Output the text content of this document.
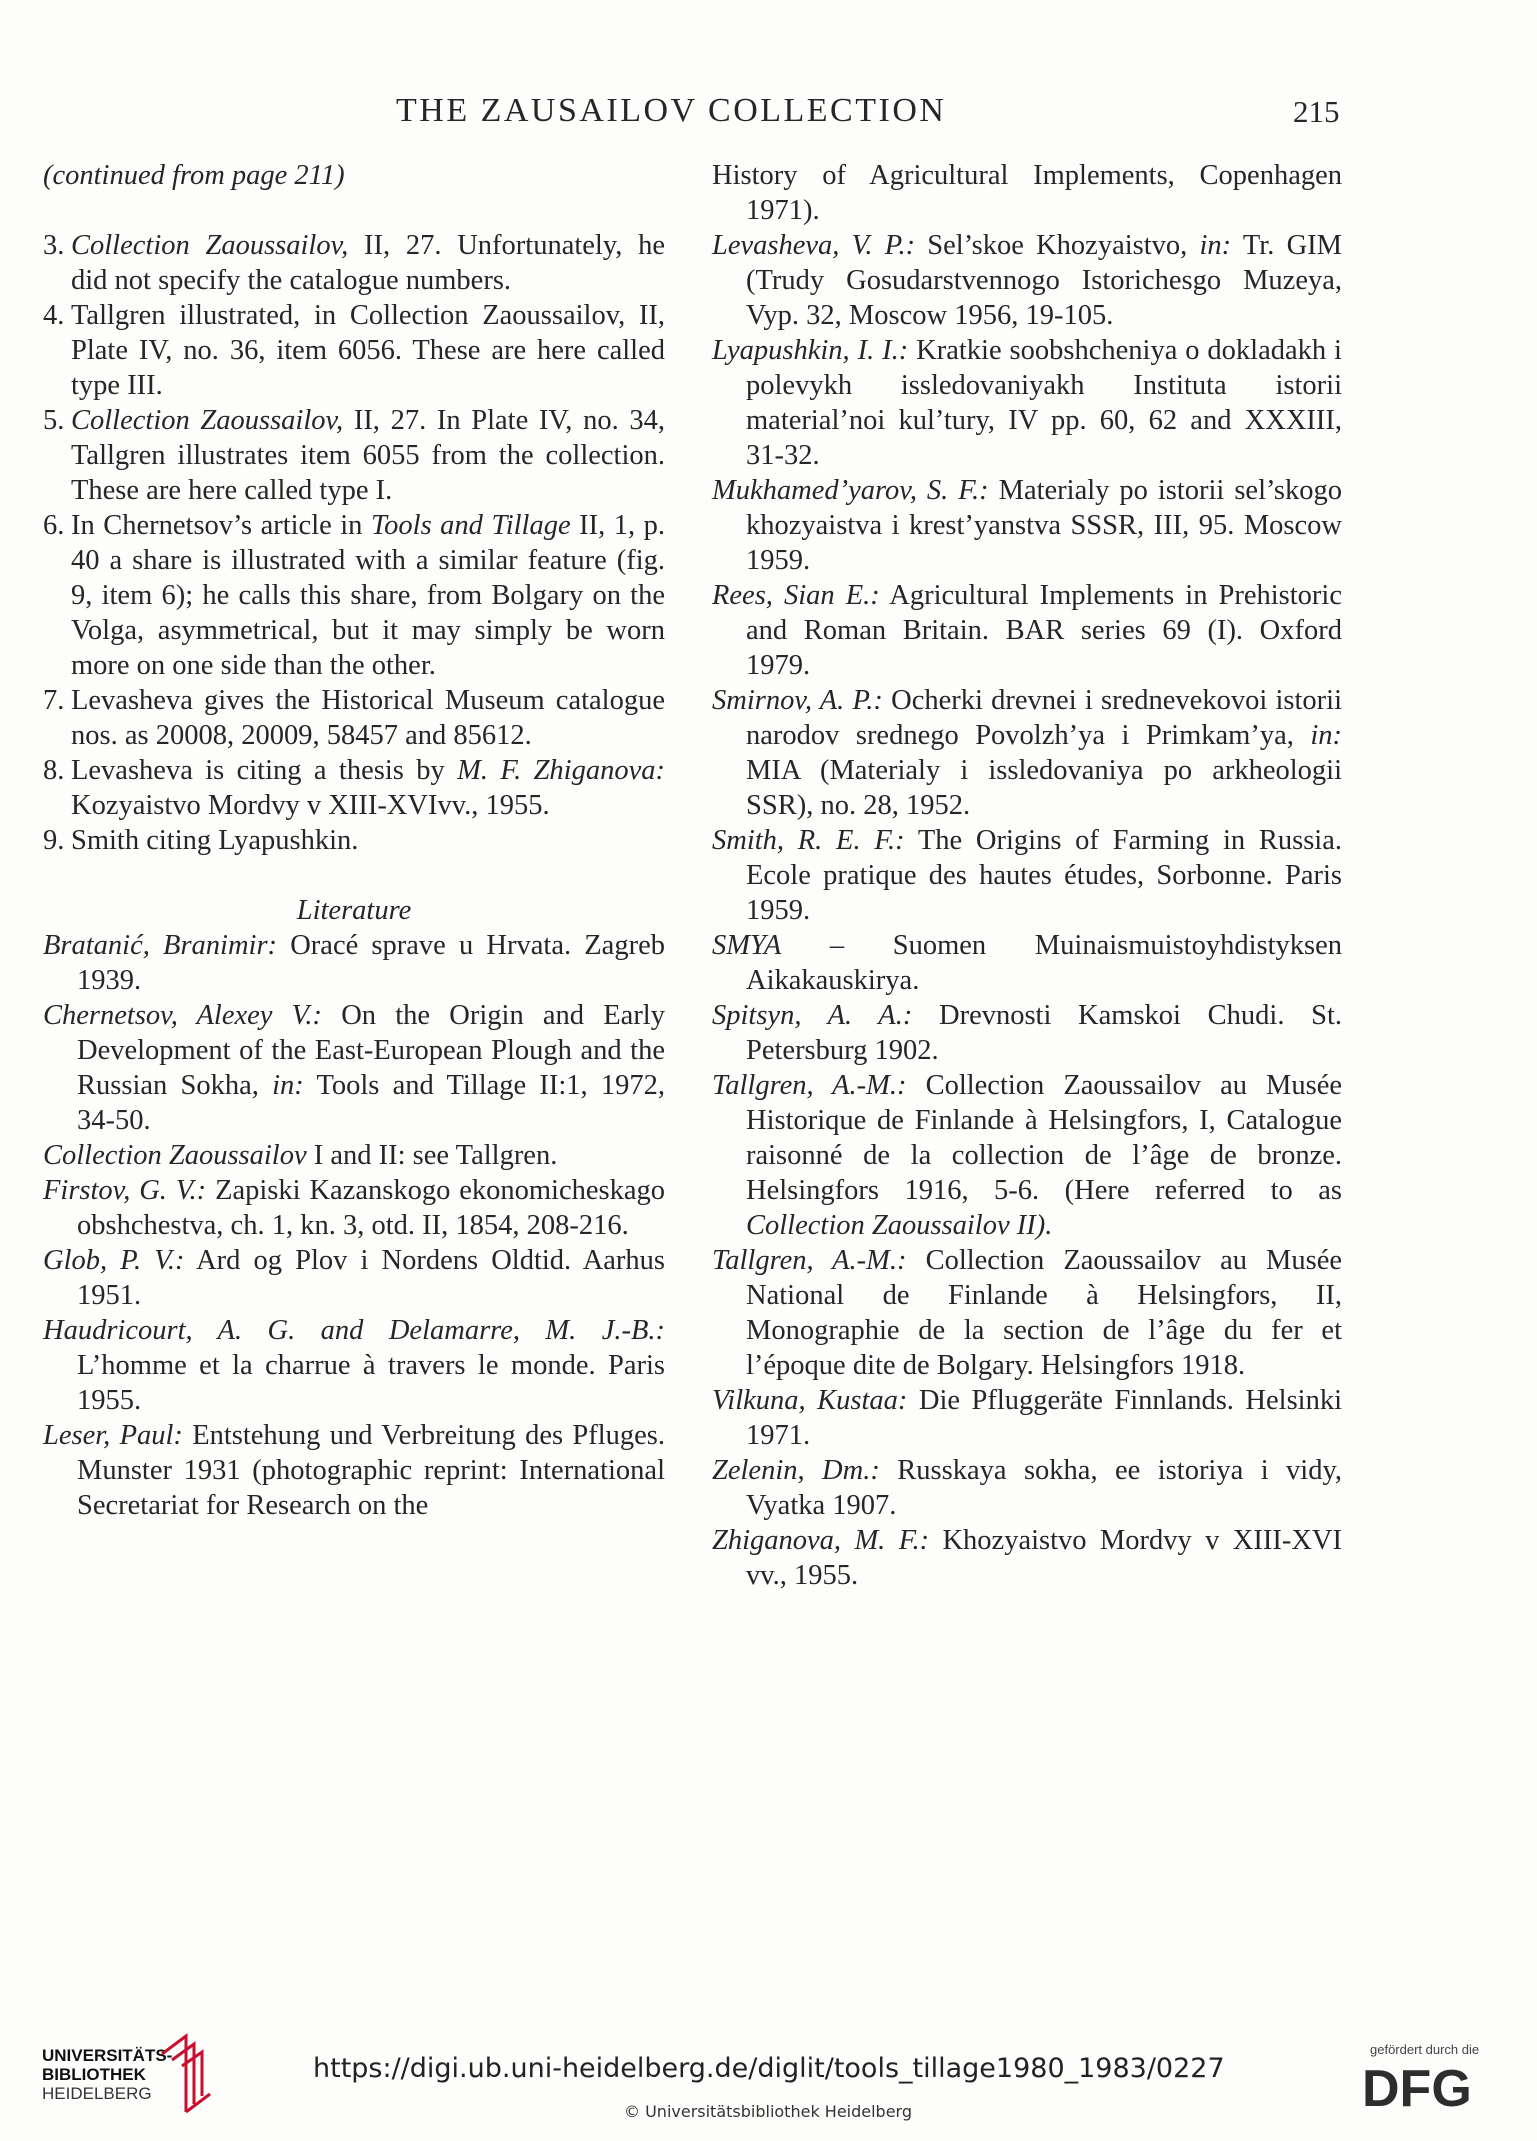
THE ZAUSAILOV COLLECTION	215
(continued from page 211)
3. Collection Zaoussailov, II, 27. Unfortunately, he did not specify the catalogue numbers.
4. Tallgren illustrated, in Collection Zaoussailov, II, Plate IV, no. 36, item 6056. These are here called type III.
5. Collection Zaoussailov, II, 27. In Plate IV, no. 34, Tallgren illustrates item 6055 from the collection. These are here called type I.
6. In Chernetsov’s article in Tools and Tillage II, 1, p. 40 a share is illustrated with a similar feature (fig. 9, item 6); he calls this share, from Bolgary on the Volga, asymmetrical, but it may simply be worn more on one side than the other.
7. Levasheva gives the Historical Museum catalogue nos. as 20008, 20009, 58457 and 85612.
8. Levasheva is citing a thesis by M. F. Zhiganova: Kozyaistvo Mordvy v XIII-XVIvv., 1955.
9. Smith citing Lyapushkin.
Literature
Bratanić, Branimir: Oracé sprave u Hrvata. Zagreb 1939.
Chernetsov, Alexey V.: On the Origin and Early Development of the East-European Plough and the Russian Sokha, in: Tools and Tillage II:1, 1972, 34-50.
Collection Zaoussailov I and II: see Tallgren.
Firstov, G. V.: Zapiski Kazanskogo ekonomicheskago obshchestva, ch. 1, kn. 3, otd. II, 1854, 208-216.
Glob, P. V.: Ard og Plov i Nordens Oldtid. Aarhus 1951.
Haudricourt, A. G. and Delamarre, M. J.-B.: L’homme et la charrue à travers le monde. Paris 1955.
Leser, Paul: Entstehung und Verbreitung des Pfluges. Munster 1931 (photographic reprint: International Secretariat for Research on the
History of Agricultural Implements, Copenhagen 1971).
Levasheva, V. P.: Sel’skoe Khozyaistvo, in: Tr. GIM (Trudy Gosudarstvennogo Istorichesgo Muzeya, Vyp. 32, Moscow 1956, 19-105.
Lyapushkin, I. I.: Kratkie soobshcheniya o dokladakh i polevykh issledovaniyakh Instituta istorii material’noi kul’tury, IV pp. 60, 62 and XXXIII, 31-32.
Mukhamed’yarov, S. F.: Materialy po istorii sel’skogo khozyaistva i krest’yanstva SSSR, III, 95. Moscow 1959.
Rees, Sian E.: Agricultural Implements in Prehistoric and Roman Britain. BAR series 69 (I). Oxford 1979.
Smirnov, A. P.: Ocherki drevnei i srednevekovoi istorii narodov srednego Povolzh’ya i Primkam’ya, in: MIA (Materialy i issledovaniya po arkheologii SSR), no. 28, 1952.
Smith, R. E. F.: The Origins of Farming in Russia. Ecole pratique des hautes études, Sorbonne. Paris 1959.
SMYA – Suomen Muinaismuistoyhdistyksen Aikakauskirya.
Spitsyn, A. A.: Drevnosti Kamskoi Chudi. St. Petersburg 1902.
Tallgren, A.-M.: Collection Zaoussailov au Musée Historique de Finlande à Helsingfors, I, Catalogue raisonné de la collection de l’âge de bronze. Helsingfors 1916, 5-6. (Here referred to as Collection Zaoussailov II).
Tallgren, A.-M.: Collection Zaoussailov au Musée National de Finlande à Helsingfors, II, Monographie de la section de l’âge du fer et l’époque dite de Bolgary. Helsingfors 1918.
Vilkuna, Kustaa: Die Pfluggeräte Finnlands. Helsinki 1971.
Zelenin, Dm.: Russkaya sokha, ee istoriya i vidy, Vyatka 1907.
Zhiganova, M. F.: Khozyaistvo Mordvy v XIII-XVI vv., 1955.
UNIVERSITÄTS-
BIBLIOTHEK
HEIDELBERG
https://digi.ub.uni-heidelberg.de/diglit/tools_tillage1980_1983/0227
© Universitätsbibliothek Heidelberg
gefördert durch die
DFG
